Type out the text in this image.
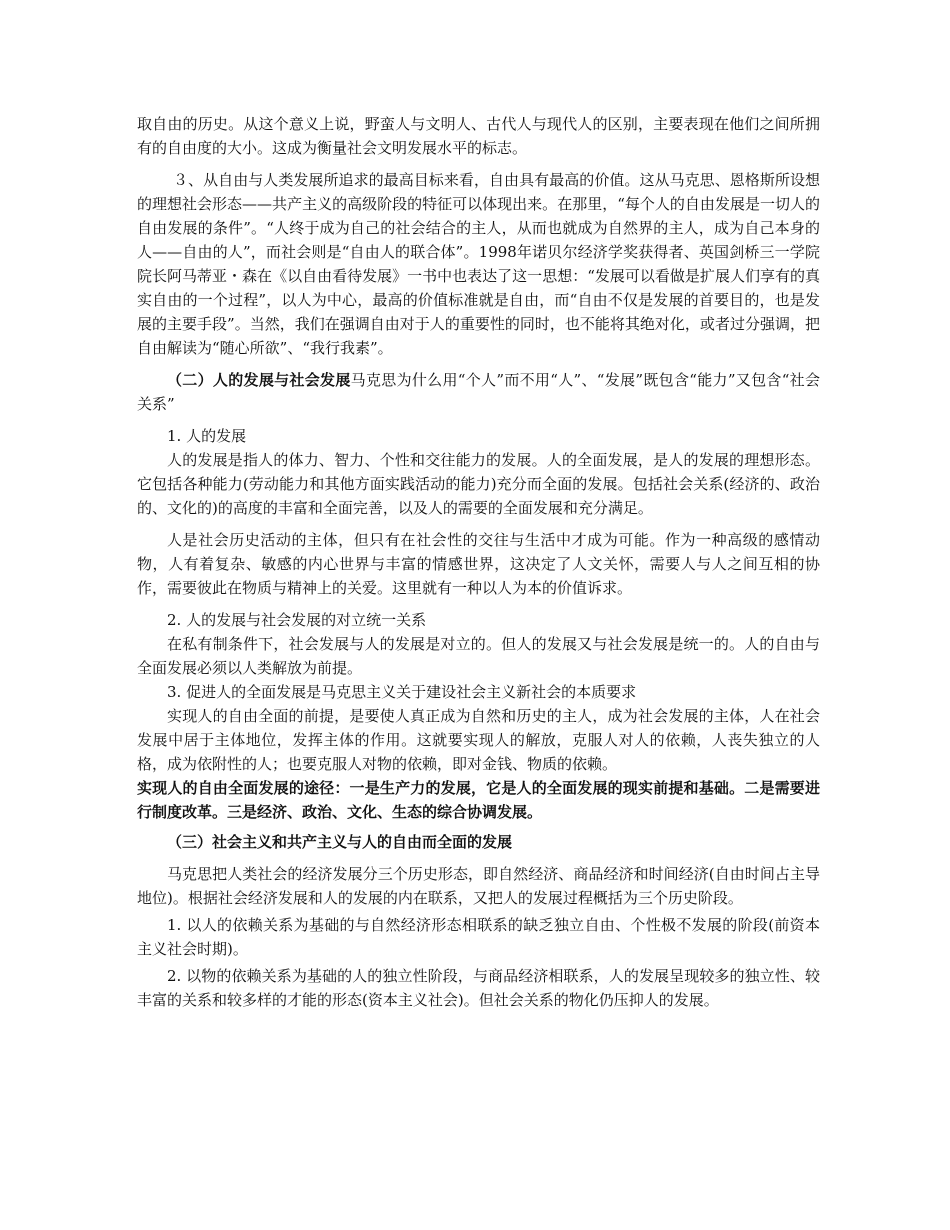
取自由的历史。从这个意义上说，野蛮人与文明人、古代人与现代人的区别，主要表现在他们之间所拥有的自由度的大小。这成为衡量社会文明发展水平的标志。

３、从自由与人类发展所追求的最高目标来看，自由具有最高的价值。这从马克思、恩格斯所设想的理想社会形态——共产主义的高级阶段的特征可以体现出来。在那里，“每个人的自由发展是一切人的自由发展的条件”。“人终于成为自己的社会结合的主人，从而也就成为自然界的主人，成为自己本身的人——自由的人”，而社会则是“自由人的联合体”。1998年诺贝尔经济学奖获得者、英国剑桥三一学院院长阿马蒂亚・森在《以自由看待发展》一书中也表达了这一思想：“发展可以看做是扩展人们享有的真实自由的一个过程”，以人为中心，最高的价值标准就是自由，而“自由不仅是发展的首要目的，也是发展的主要手段”。当然，我们在强调自由对于人的重要性的同时，也不能将其绝对化，或者过分强调，把自由解读为“随心所欲”、“我行我素”。

（二）人的发展与社会发展马克思为什么用“个人”而不用“人”、“发展”既包含“能力”又包含“社会关系”

1. 人的发展

人的发展是指人的体力、智力、个性和交往能力的发展。人的全面发展，是人的发展的理想形态。它包括各种能力(劳动能力和其他方面实践活动的能力)充分而全面的发展。包括社会关系(经济的、政治的、文化的)的高度的丰富和全面完善，以及人的需要的全面发展和充分满足。

人是社会历史活动的主体，但只有在社会性的交往与生活中才成为可能。作为一种高级的感情动物，人有着复杂、敏感的内心世界与丰富的情感世界，这决定了人文关怀，需要人与人之间互相的协作，需要彼此在物质与精神上的关爱。这里就有一种以人为本的价值诉求。

2. 人的发展与社会发展的对立统一关系

在私有制条件下，社会发展与人的发展是对立的。但人的发展又与社会发展是统一的。人的自由与全面发展必须以人类解放为前提。

3. 促进人的全面发展是马克思主义关于建设社会主义新社会的本质要求

实现人的自由全面的前提，是要使人真正成为自然和历史的主人，成为社会发展的主体，人在社会发展中居于主体地位，发挥主体的作用。这就要实现人的解放，克服人对人的依赖，人丧失独立的人格，成为依附性的人；也要克服人对物的依赖，即对金钱、物质的依赖。

实现人的自由全面发展的途径：一是生产力的发展，它是人的全面发展的现实前提和基础。二是需要进行制度改革。三是经济、政治、文化、生态的综合协调发展。

（三）社会主义和共产主义与人的自由而全面的发展

马克思把人类社会的经济发展分三个历史形态，即自然经济、商品经济和时间经济(自由时间占主导地位)。根据社会经济发展和人的发展的内在联系，又把人的发展过程概括为三个历史阶段。

1. 以人的依赖关系为基础的与自然经济形态相联系的缺乏独立自由、个性极不发展的阶段(前资本主义社会时期)。

2. 以物的依赖关系为基础的人的独立性阶段，与商品经济相联系，人的发展呈现较多的独立性、较丰富的关系和较多样的才能的形态(资本主义社会)。但社会关系的物化仍压抑人的发展。
